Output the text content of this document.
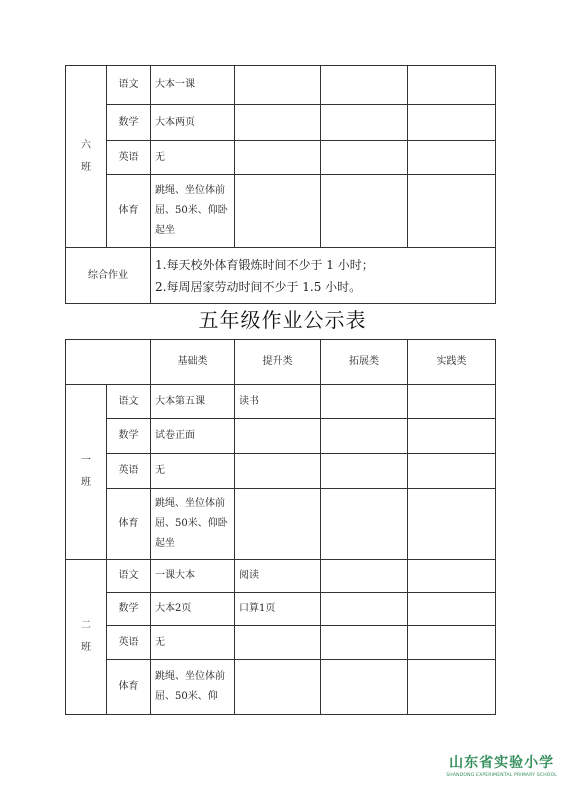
六
班	语文	大本一课			
	数学	大本两页			
	英语	无			
	体育	跳绳、坐位体前屈、50米、仰卧起坐			
综合作业		1.每天校外体育锻炼时间不少于 1 小时；
2.每周居家劳动时间不少于 1.5 小时。			
五年级作业公示表
		基础类	提升类	拓展类	实践类
一
班	语文	大本第五课	读书		
	数学	试卷正面			
	英语	无			
	体育	跳绳、坐位体前屈、50米、仰卧起坐			
二
班	语文	一课大本	阅读		
	数学	大本2页	口算1页		
	英语	无			
	体育	跳绳、坐位体前屈、50米、仰			
山东省实验小学
SHANDONG EXPERIMENTAL PRIMARY SCHOOL
